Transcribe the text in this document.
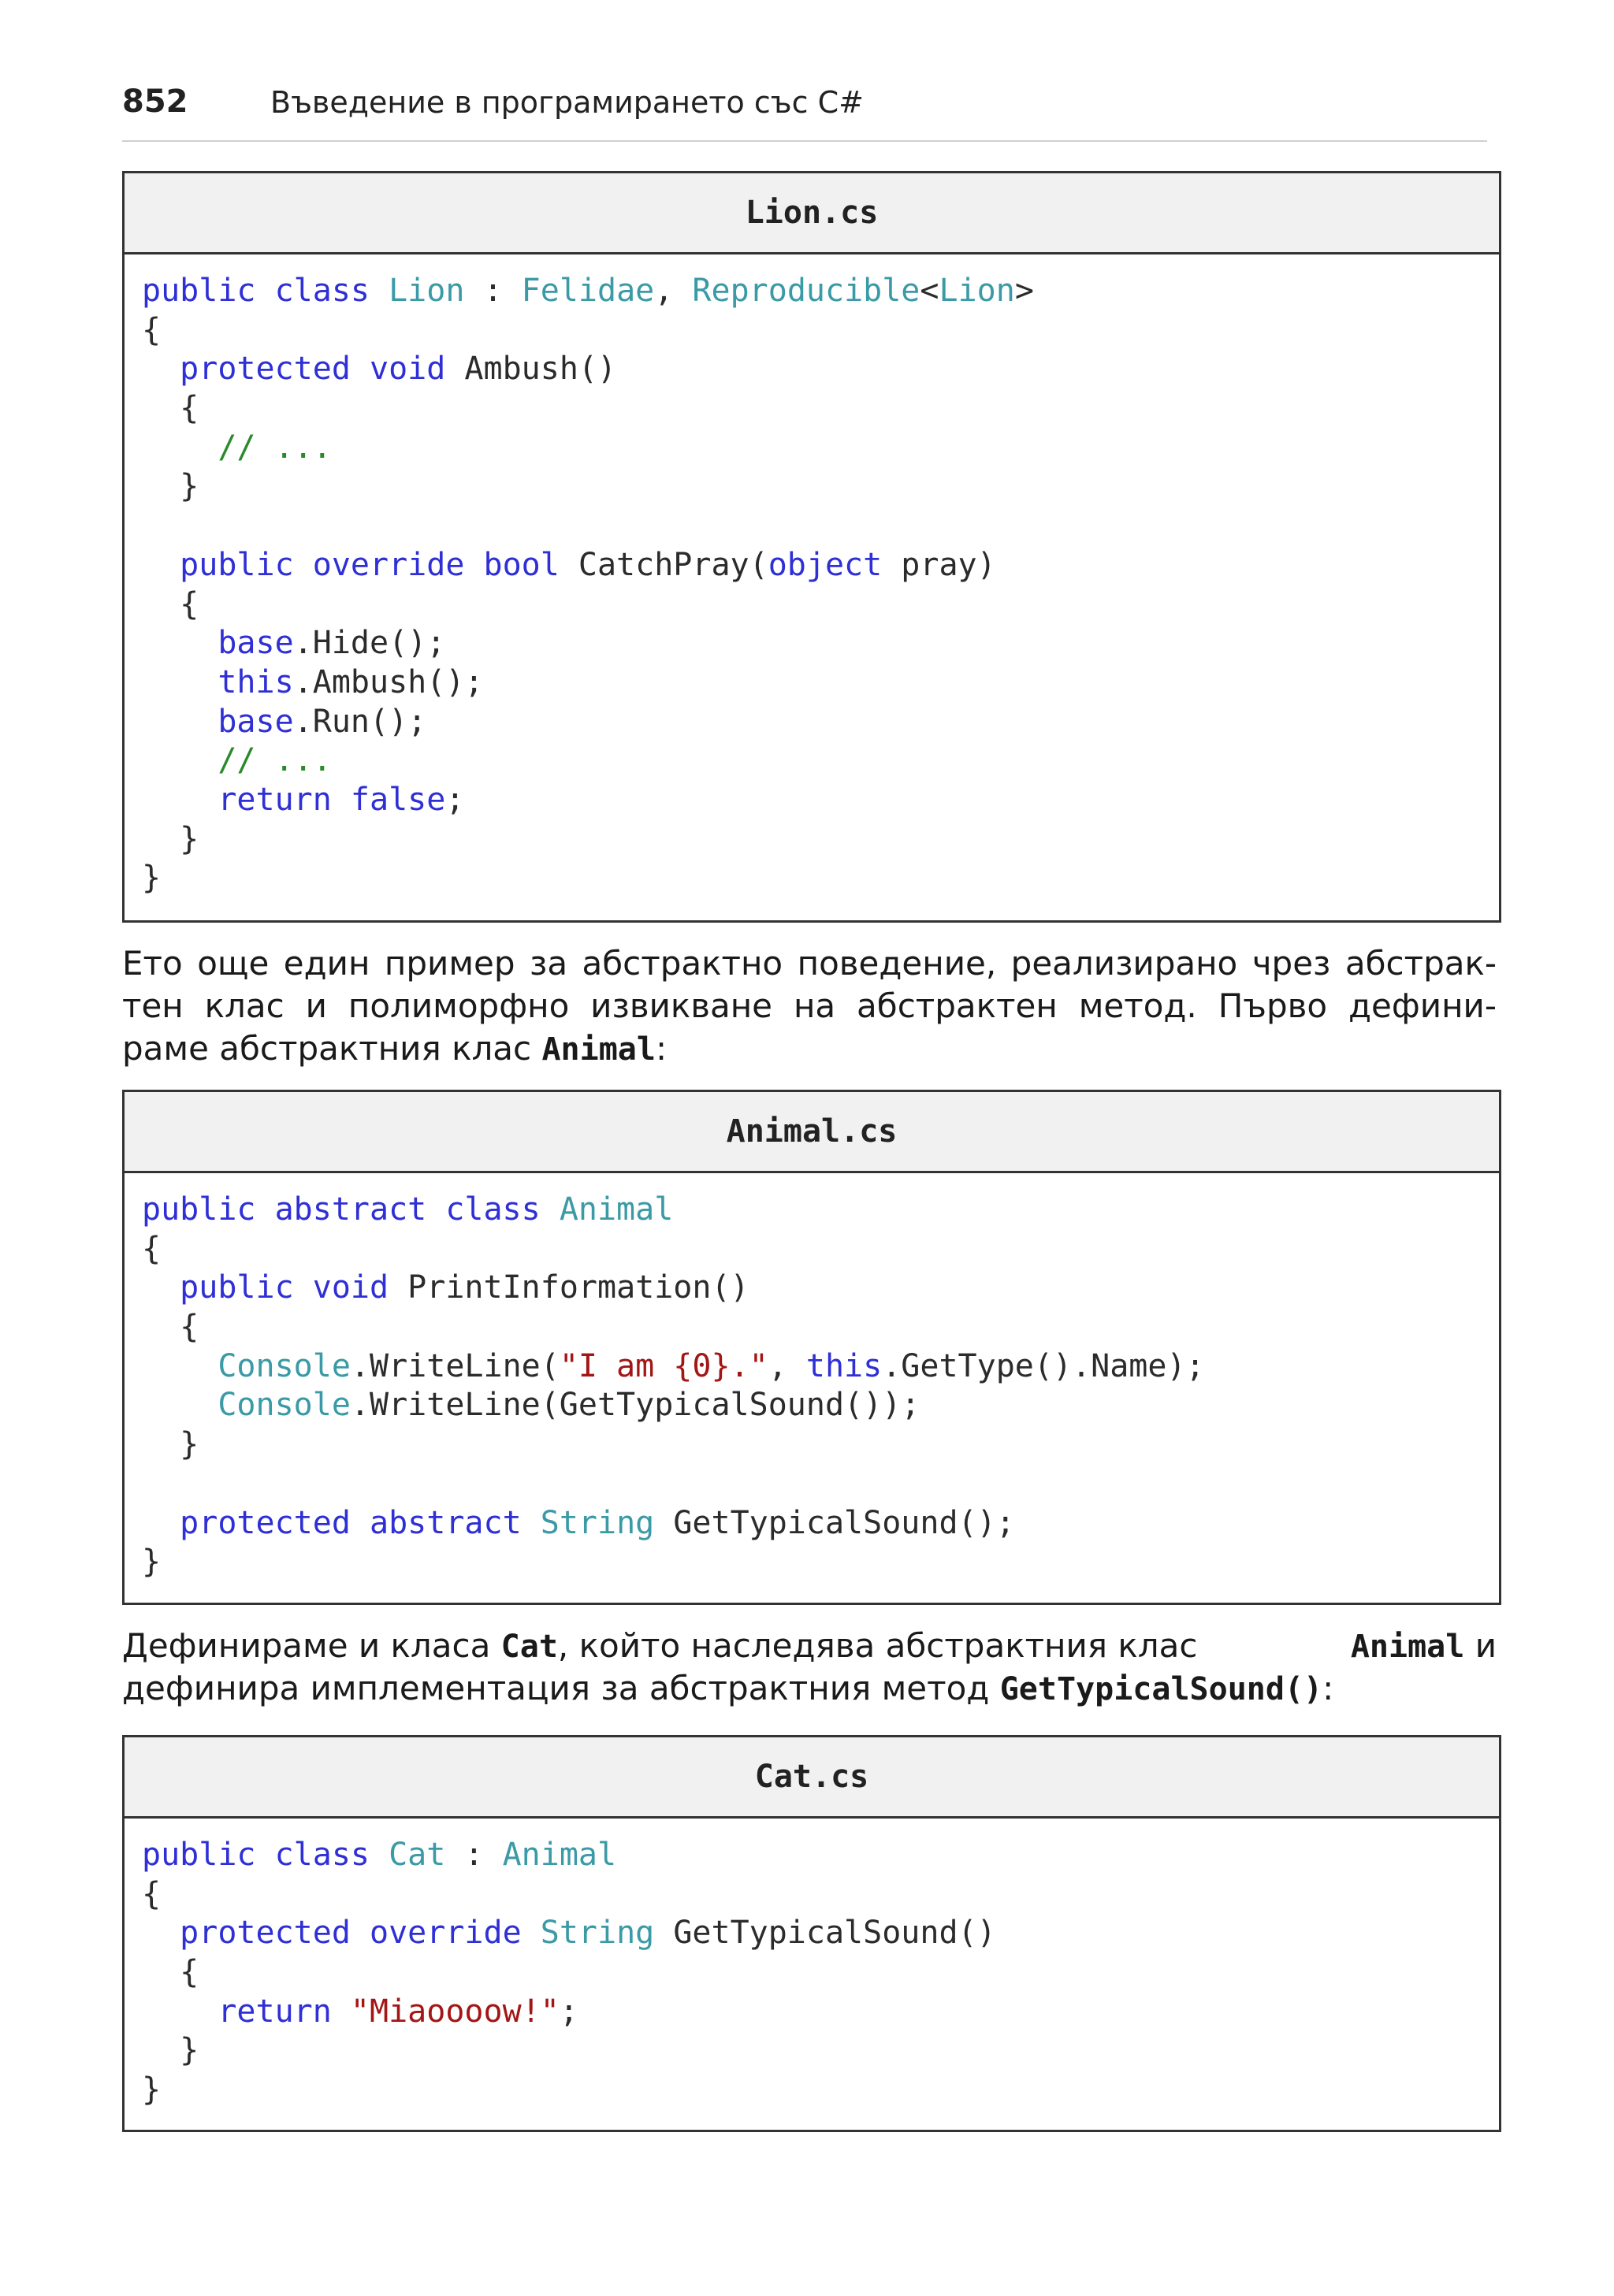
852	Въведение в програмирането със C#
Lion.cs
public class Lion : Felidae, Reproducible<Lion>
{
protected void Ambush()
{
// ...
}
public override bool CatchPray(object pray)
{
base.Hide();
this.Ambush();
base.Run();
// ...
return false;
}
}
Ето още един пример за абстрактно поведение, реализирано чрез абстрак-
тен клас и полиморфно извикване на абстрактен метод. Първо дефини-
раме абстрактния клас Animal:
Animal.cs
public abstract class Animal
{
public void PrintInformation()
{
Console.WriteLine("I am {0}.", this.GetType().Name);
Console.WriteLine(GetTypicalSound());
}
protected abstract String GetTypicalSound();
}
Дефинираме и класа Cat, който наследява абстрактния клас	Animal и
дефинира имплементация за абстрактния метод GetTypicalSound():
Cat.cs
public class Cat : Animal
{
protected override String GetTypicalSound()
{
return "Miaoooow!";
}
}
